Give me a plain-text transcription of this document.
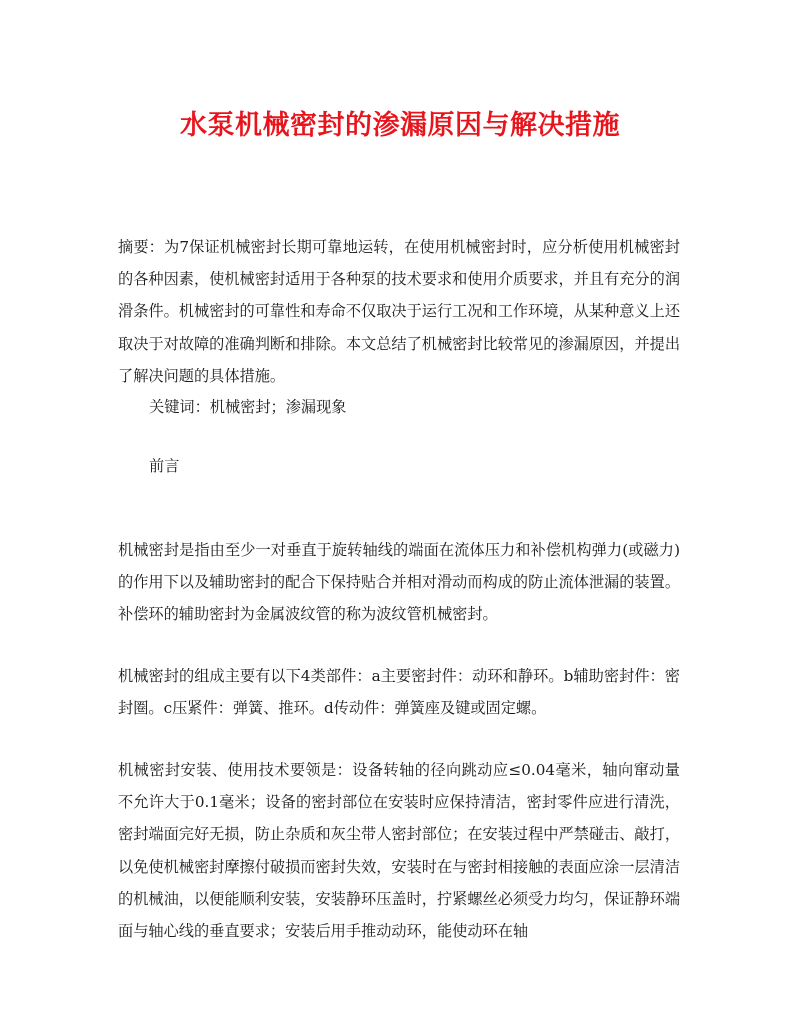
水泵机械密封的渗漏原因与解决措施
摘要：为7保证机械密封长期可靠地运转，在使用机械密封时，应分析使用机械密封的各种因素，使机械密封适用于各种泵的技术要求和使用介质要求，并且有充分的润滑条件。机械密封的可靠性和寿命不仅取决于运行工况和工作环境，从某种意义上还取决于对故障的准确判断和排除。本文总结了机械密封比较常见的渗漏原因，并提出了解决问题的具体措施。
关键词：机械密封；渗漏现象
前言
机械密封是指由至少一对垂直于旋转轴线的端面在流体压力和补偿机构弹力(或磁力)的作用下以及辅助密封的配合下保持贴合并相对滑动而构成的防止流体泄漏的装置。补偿环的辅助密封为金属波纹管的称为波纹管机械密封。
机械密封的组成主要有以下4类部件：a主要密封件：动环和静环。b辅助密封件：密封圈。c压紧件：弹簧、推环。d传动件：弹簧座及键或固定螺。
机械密封安装、使用技术要领是：设备转轴的径向跳动应≤0.04毫米，轴向窜动量不允许大于0.1毫米；设备的密封部位在安装时应保持清洁，密封零件应进行清洗，密封端面完好无损，防止杂质和灰尘带人密封部位；在安装过程中严禁碰击、敲打，以免使机械密封摩擦付破损而密封失效，安装时在与密封相接触的表面应涂一层清洁的机械油，以便能顺利安装，安装静环压盖时，拧紧螺丝必须受力均匀，保证静环端面与轴心线的垂直要求；安装后用手推动动环，能使动环在轴
